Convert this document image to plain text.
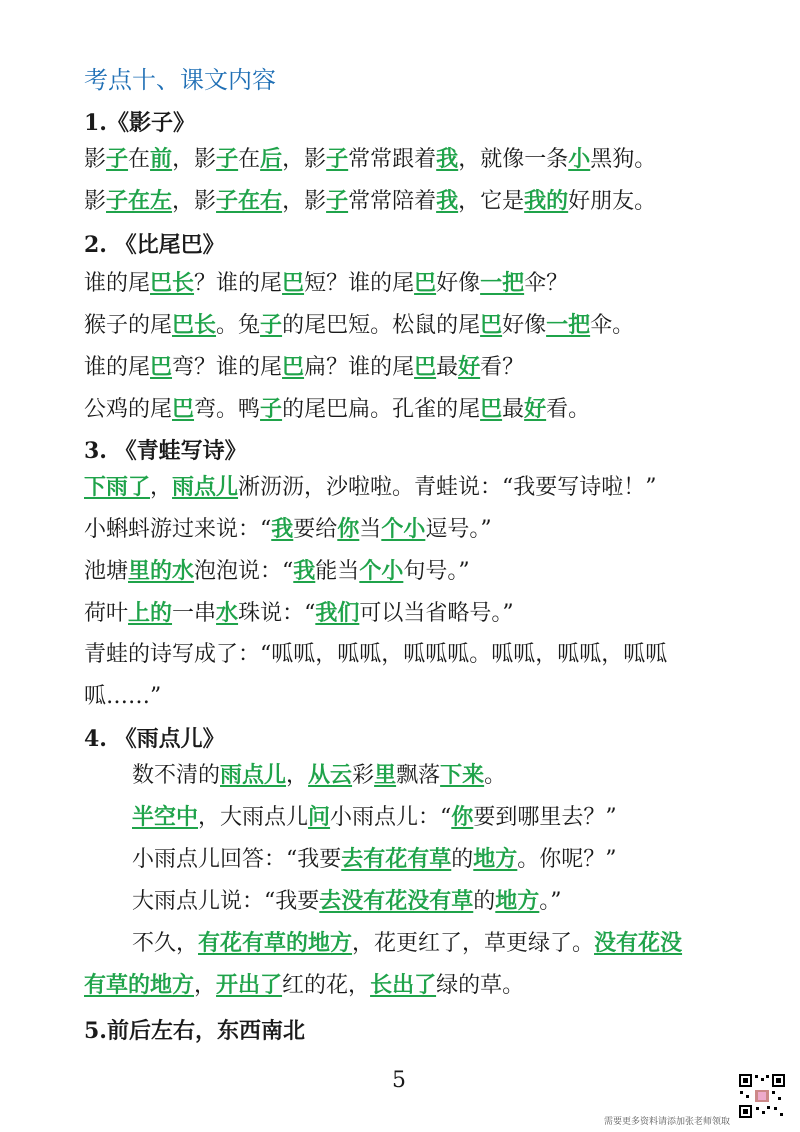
考点十、课文内容
1.《影子》
影子在前，影子在后，影子常常跟着我，就像一条小黑狗。
影子在左，影子在右，影子常常陪着我，它是我的好朋友。
2. 《比尾巴》
谁的尾巴长？谁的尾巴短？谁的尾巴好像一把伞？
猴子的尾巴长。兔子的尾巴短。松鼠的尾巴好像一把伞。
谁的尾巴弯？谁的尾巴扁？谁的尾巴最好看？
公鸡的尾巴弯。鸭子的尾巴扁。孔雀的尾巴最好看。
3. 《青蛙写诗》
下雨了，雨点儿淅沥沥，沙啦啦。青蛙说：“我要写诗啦！”
小蝌蚪游过来说：“我要给你当个小逗号。”
池塘里的水泡泡说：“我能当个小句号。”
荷叶上的一串水珠说：“我们可以当省略号。”
青蛙的诗写成了：“呱呱，呱呱，呱呱呱。呱呱，呱呱，呱呱
呱……”
4. 《雨点儿》
数不清的雨点儿，从云彩里飘落下来。
半空中，大雨点儿问小雨点儿：“你要到哪里去？”
小雨点儿回答：“我要去有花有草的地方。你呢？”
大雨点儿说：“我要去没有花没有草的地方。”
不久，有花有草的地方，花更红了，草更绿了。没有花没
有草的地方，开出了红的花，长出了绿的草。
5.前后左右，东西南北
5
需要更多资料请添加张老师领取
